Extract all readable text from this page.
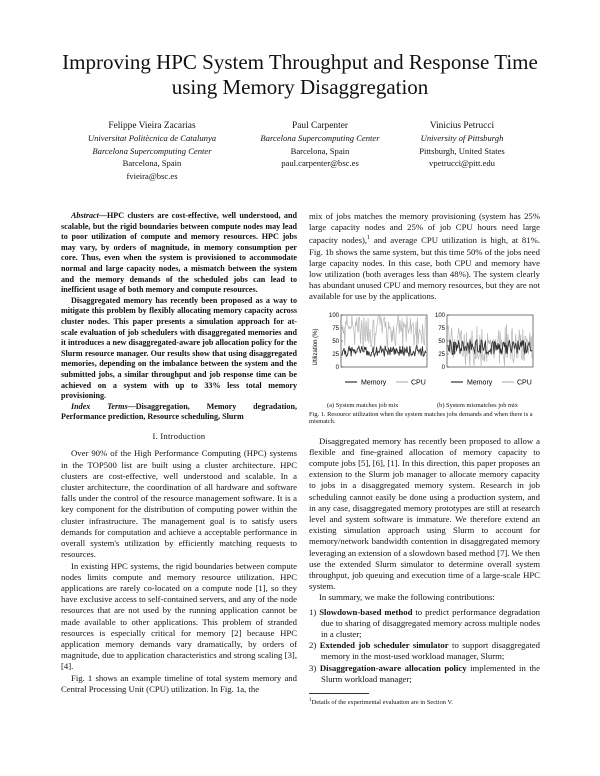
Improving HPC System Throughput and Response Time using Memory Disaggregation
Felippe Vieira Zacarias
Universitat Politècnica de Catalunya
Barcelona Supercomputing Center
Barcelona, Spain
fvieira@bsc.es
Paul Carpenter
Barcelona Supercomputing Center
Barcelona, Spain
paul.carpenter@bsc.es
Vinicius Petrucci
University of Pittsburgh
Pittsburgh, United States
vpetrucci@pitt.edu

Abstract—HPC clusters are cost-effective, well understood, and scalable, but the rigid boundaries between compute nodes may lead to poor utilization of compute and memory resources. HPC jobs may vary, by orders of magnitude, in memory consumption per core. Thus, even when the system is provisioned to accommodate normal and large capacity nodes, a mismatch between the system and the memory demands of the scheduled jobs can lead to inefficient usage of both memory and compute resources.

Disaggregated memory has recently been proposed as a way to mitigate this problem by flexibly allocating memory capacity across cluster nodes. This paper presents a simulation approach for at-scale evaluation of job schedulers with disaggregated memories and it introduces a new disaggregated-aware job allocation policy for the Slurm resource manager. Our results show that using disaggregated memories, depending on the imbalance between the system and the submitted jobs, a similar throughput and job response time can be achieved on a system with up to 33% less total memory provisioning.

Index Terms—Disaggregation, Memory degradation, Performance prediction, Resource scheduling, Slurm

I. Introduction

Over 90% of the High Performance Computing (HPC) systems in the TOP500 list are built using a cluster architecture. HPC clusters are cost-effective, well understood and scalable. In a cluster architecture, the coordination of all hardware and software falls under the control of the resource management software. It is a key component for the distribution of computing power within the cluster infrastructure. The management goal is to satisfy users demands for computation and achieve a acceptable performance in overall system's utilization by efficiently matching requests to resources.

In existing HPC systems, the rigid boundaries between compute nodes limits compute and memory resource utilization. HPC applications are rarely co-located on a compute node [1], so they have exclusive access to self-contained servers, and any of the node resources that are not used by the running application cannot be made available to other applications. This problem of stranded resources is especially critical for memory [2] because HPC application memory demands vary dramatically, by orders of magnitude, due to application characteristics and strong scaling [3], [4].

Fig. 1 shows an example timeline of total system memory and Central Processing Unit (CPU) utilization. In Fig. 1a, the

mix of jobs matches the memory provisioning (system has 25% large capacity nodes and 25% of job CPU hours need large capacity nodes),$^1$ and average CPU utilization is high, at 81%. Fig. 1b shows the same system, but this time 50% of the jobs need large capacity nodes. In this case, both CPU and memory have low utilization (both averages less than 48%). The system clearly has abundant unused CPU and memory resources, but they are not available for use by the applications.

Utilization (%)
100
75
50
25
0
Memory	CPU
100
75
50
25
0
Memory	CPU
(a) System matches job mix	(b) System mismatches job mix
Fig. 1. Resource utilization when the system matches jobs demands and when there is a mismatch.

Disaggregated memory has recently been proposed to allow a flexible and fine-grained allocation of memory capacity to compute jobs [5], [6], [1]. In this direction, this paper proposes an extension to the Slurm job manager to allocate memory capacity to jobs in a disaggregated memory system. Research in job scheduling cannot easily be done using a production system, and in any case, disaggregated memory prototypes are still at research level and system software is immature. We therefore extend an existing simulation approach using Slurm to account for memory/network bandwidth contention in disaggregated memory leveraging an extension of a slowdown based method [7]. We then use the extended Slurm simulator to determine overall system throughput, job queuing and execution time of a large-scale HPC system.

In summary, we make the following contributions:

1) Slowdown-based method to predict performance degradation due to sharing of disaggregated memory across multiple nodes in a cluster;
2) Extended job scheduler simulator to support disaggregated memory in the most-used workload manager, Slurm;
3) Disaggregation-aware allocation policy implemented in the Slurm workload manager;
$^1$Details of the experimental evaluation are in Section V.
